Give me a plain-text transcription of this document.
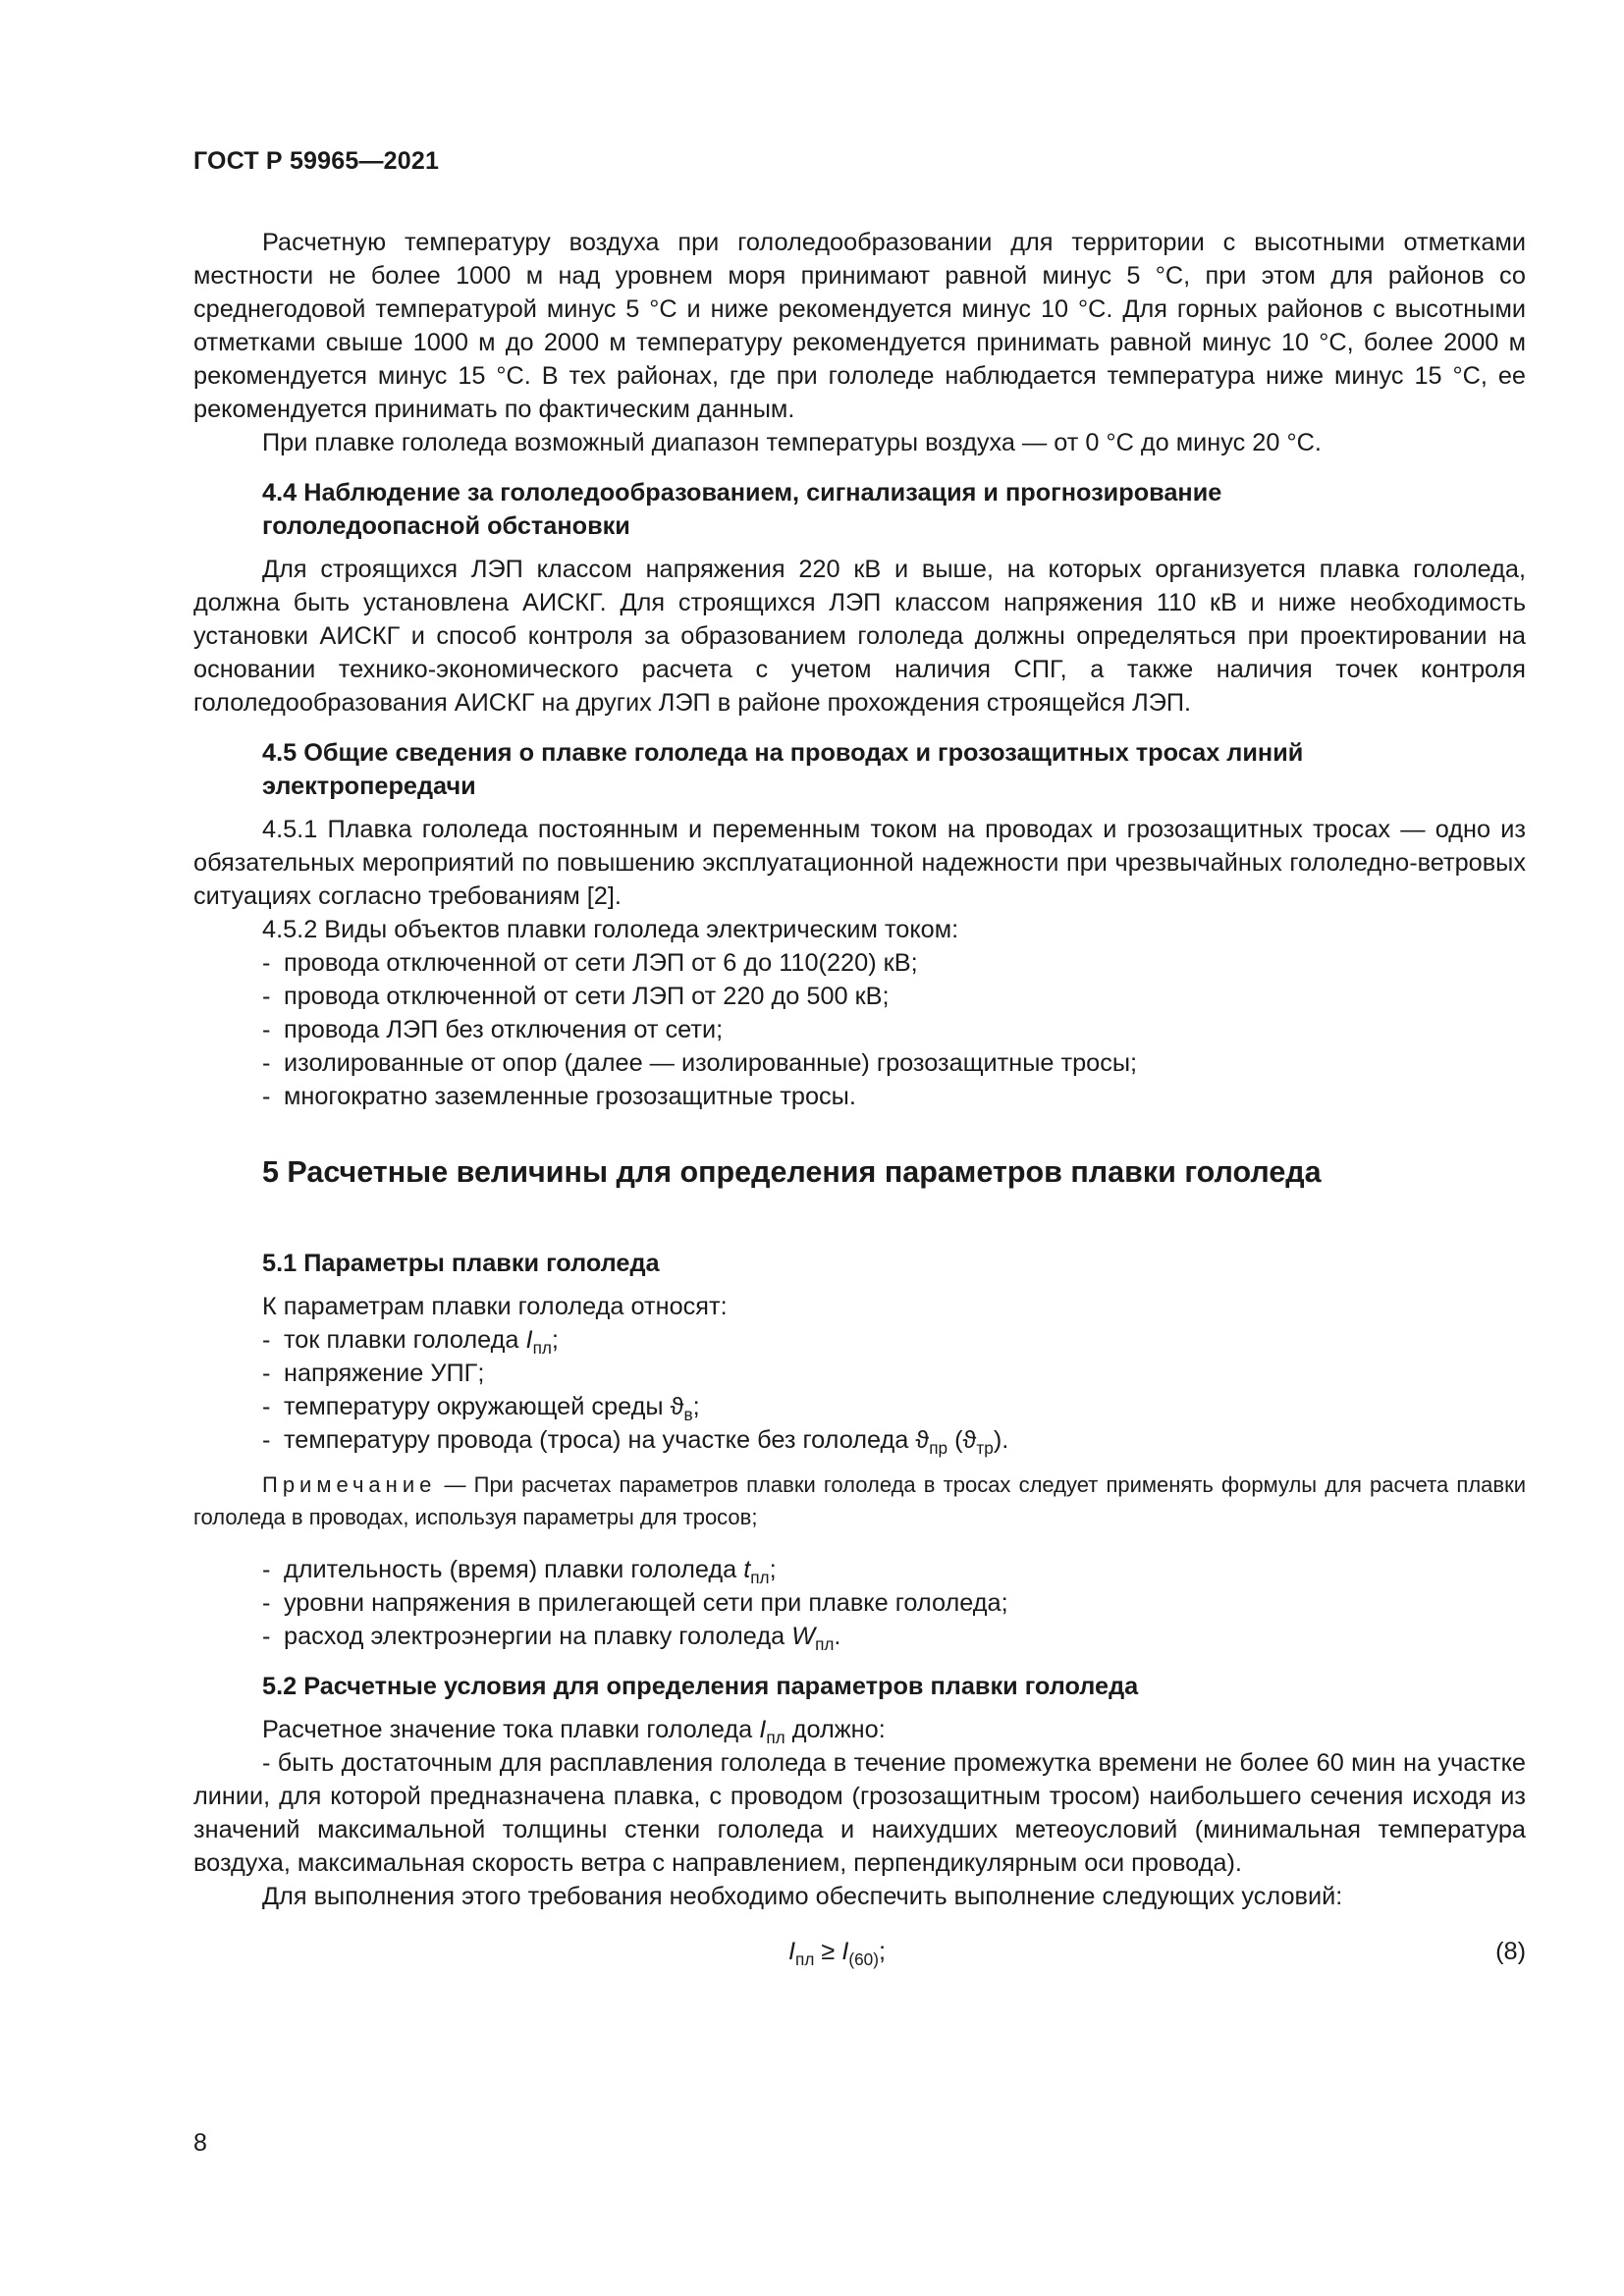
ГОСТ Р 59965—2021

Расчетную температуру воздуха при гололедообразовании для территории с высотными отметками местности не более 1000 м над уровнем моря принимают равной минус 5 °C, при этом для районов со среднегодовой температурой минус 5 °C и ниже рекомендуется минус 10 °C. Для горных районов с высотными отметками свыше 1000 м до 2000 м температуру рекомендуется принимать равной минус 10 °C, более 2000 м рекомендуется минус 15 °C. В тех районах, где при гололеде наблюдается температура ниже минус 15 °C, ее рекомендуется принимать по фактическим данным.

При плавке гололеда возможный диапазон температуры воздуха — от 0 °C до минус 20 °C.

4.4 Наблюдение за гололедообразованием, сигнализация и прогнозирование
гололедоопасной обстановки

Для строящихся ЛЭП классом напряжения 220 кВ и выше, на которых организуется плавка гололеда, должна быть установлена АИСКГ. Для строящихся ЛЭП классом напряжения 110 кВ и ниже необходимость установки АИСКГ и способ контроля за образованием гололеда должны определяться при проектировании на основании технико-экономического расчета с учетом наличия СПГ, а также наличия точек контроля гололедообразования АИСКГ на других ЛЭП в районе прохождения строящейся ЛЭП.

4.5 Общие сведения о плавке гололеда на проводах и грозозащитных тросах линий
электропередачи

4.5.1 Плавка гололеда постоянным и переменным током на проводах и грозозащитных тросах — одно из обязательных мероприятий по повышению эксплуатационной надежности при чрезвычайных гололедно-ветровых ситуациях согласно требованиям [2].

4.5.2 Виды объектов плавки гололеда электрическим током:

- провода отключенной от сети ЛЭП от 6 до 110(220) кВ;
- провода отключенной от сети ЛЭП от 220 до 500 кВ;
- провода ЛЭП без отключения от сети;
- изолированные от опор (далее — изолированные) грозозащитные тросы;
- многократно заземленные грозозащитные тросы.
5 Расчетные величины для определения параметров плавки гололеда
5.1 Параметры плавки гололеда

К параметрам плавки гололеда относят:

- ток плавки гололеда $I_{пл}$;
- напряжение УПГ;
- температуру окружающей среды $ϑ_в$;
- температуру провода (троса) на участке без гололеда $ϑ_{пр}$ $(ϑ_{тр})$.

Примечание — При расчетах параметров плавки гололеда в тросах следует применять формулы для расчета плавки гололеда в проводах, используя параметры для тросов;

- длительность (время) плавки гололеда $t_{пл}$;
- уровни напряжения в прилегающей сети при плавке гололеда;
- расход электроэнергии на плавку гололеда $W_{пл}$.
5.2 Расчетные условия для определения параметров плавки гололеда

Расчетное значение тока плавки гололеда $I_{пл}$ должно:

- быть достаточным для расплавления гололеда в течение промежутка времени не более 60 мин на участке линии, для которой предназначена плавка, с проводом (грозозащитным тросом) наибольшего сечения исходя из значений максимальной толщины стенки гололеда и наихудших метеоусловий (минимальная температура воздуха, максимальная скорость ветра с направлением, перпендикулярным оси провода).

Для выполнения этого требования необходимо обеспечить выполнение следующих условий:

$I_{пл} \ge I_{(60)}$;	(8)
8
